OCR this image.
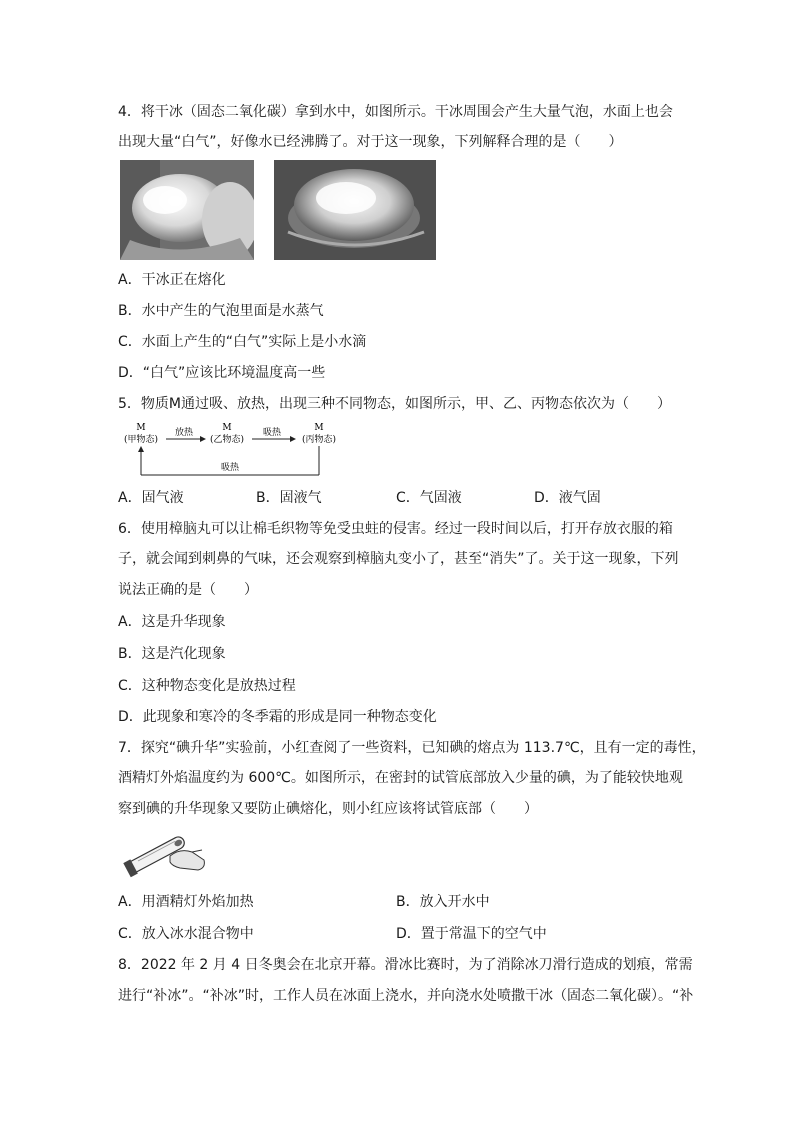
4．将干冰（固态二氧化碳）拿到水中，如图所示。干冰周围会产生大量气泡，水面上也会
出现大量“白气”，好像水已经沸腾了。对于这一现象，下列解释合理的是（　　）
A．干冰正在熔化
B．水中产生的气泡里面是水蒸气
C．水面上产生的“白气”实际上是小水滴
D．“白气”应该比环境温度高一些
5．物质M通过吸、放热，出现三种不同物态，如图所示，甲、乙、丙物态依次为（　　）
M
(甲物态)
M
(乙物态)
M
(丙物态)
放热	吸热
吸热
A．固气液	B．固液气	C．气固液	D．液气固
6．使用樟脑丸可以让棉毛织物等免受虫蛀的侵害。经过一段时间以后，打开存放衣服的箱
子，就会闻到刺鼻的气味，还会观察到樟脑丸变小了，甚至“消失”了。关于这一现象，下列
说法正确的是（　　）
A．这是升华现象
B．这是汽化现象
C．这种物态变化是放热过程
D．此现象和寒冷的冬季霜的形成是同一种物态变化
7．探究“碘升华”实验前，小红查阅了一些资料，已知碘的熔点为 113.7℃，且有一定的毒性，
酒精灯外焰温度约为 600℃。如图所示，在密封的试管底部放入少量的碘，为了能较快地观
察到碘的升华现象又要防止碘熔化，则小红应该将试管底部（　　）
A．用酒精灯外焰加热	B．放入开水中
C．放入冰水混合物中	D．置于常温下的空气中
8．2022 年 2 月 4 日冬奥会在北京开幕。滑冰比赛时，为了消除冰刀滑行造成的划痕，常需
进行“补冰”。“补冰”时，工作人员在冰面上浇水，并向浇水处喷撒干冰（固态二氧化碳）。“补
